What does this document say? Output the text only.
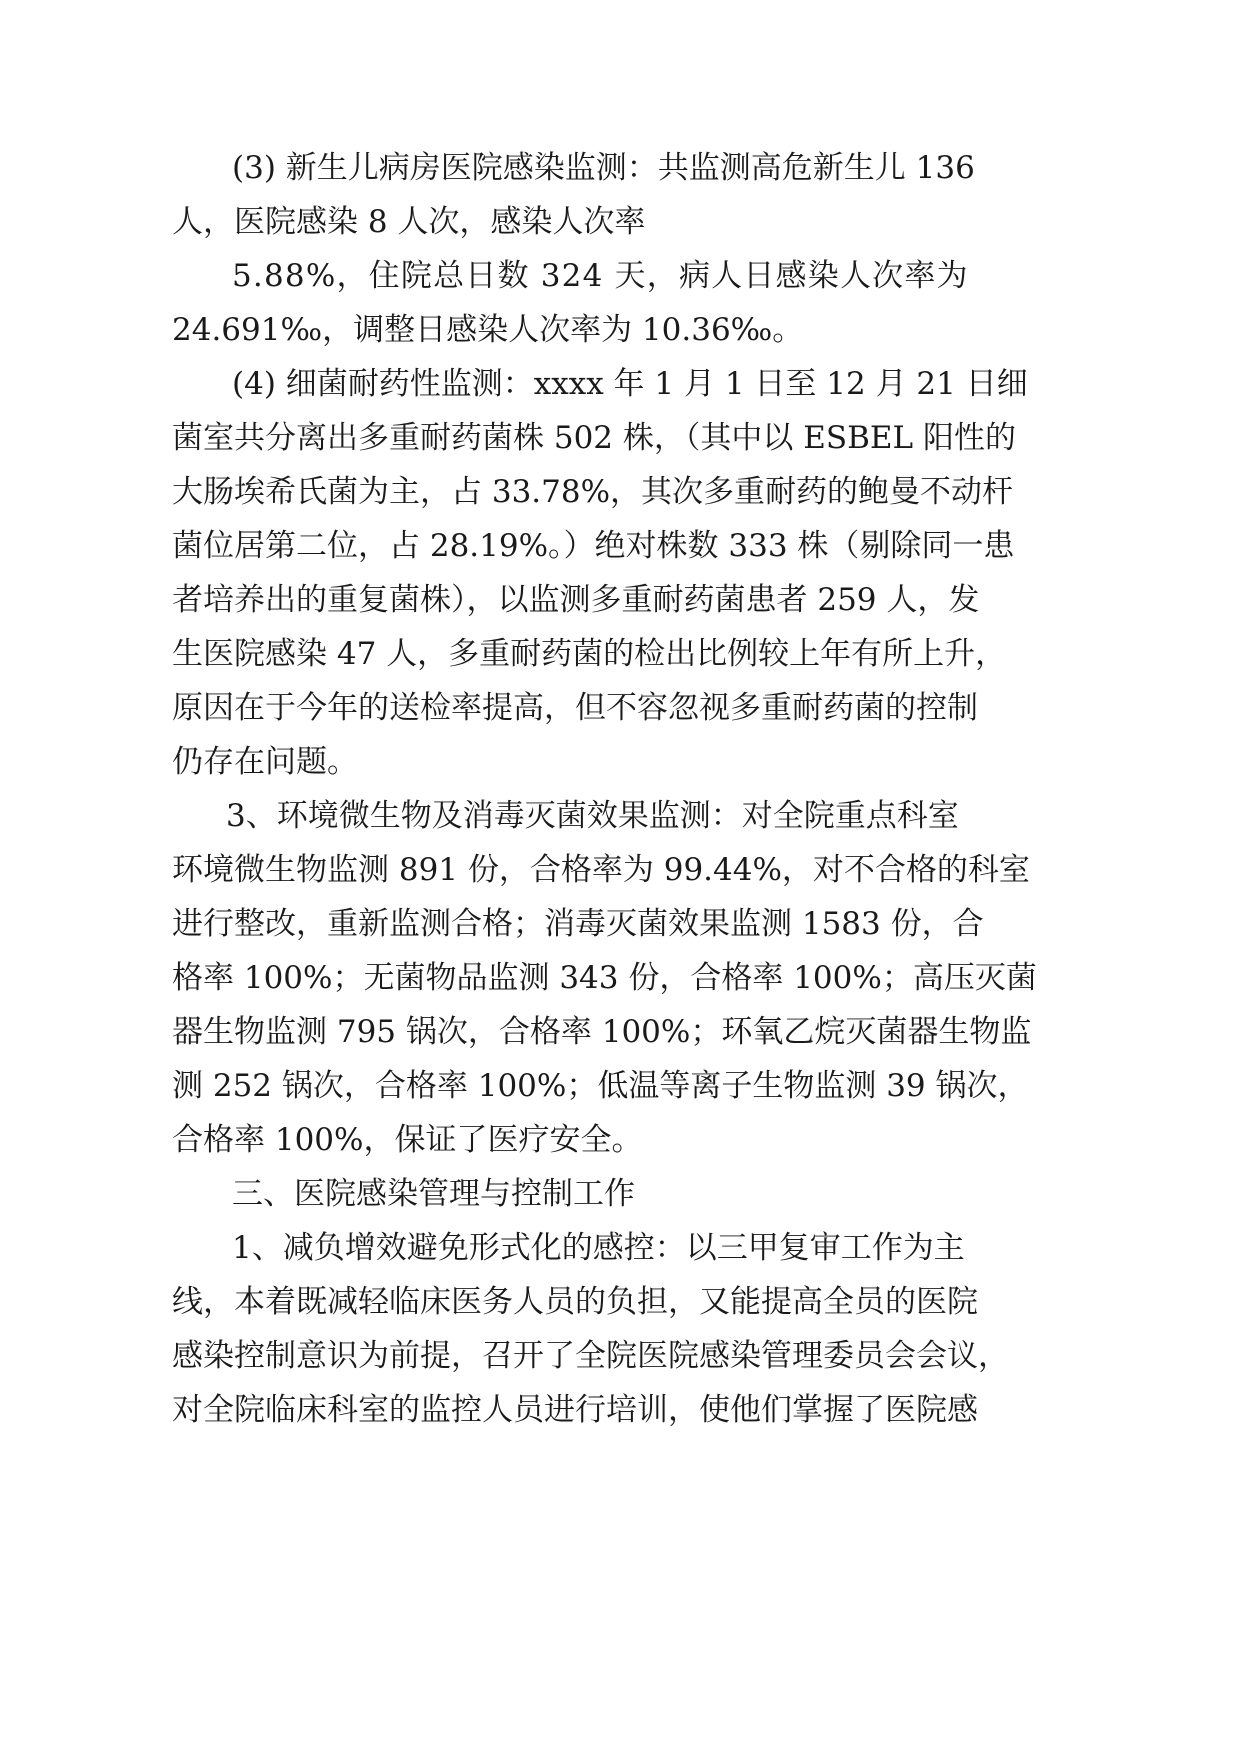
(3) 新生儿病房医院感染监测：共监测高危新生儿 136
人，医院感染 8 人次，感染人次率
5.88%，住院总日数 324 天，病人日感染人次率为
24.691‰，调整日感染人次率为 10.36‰。
(4) 细菌耐药性监测：xxxx 年 1 月 1 日至 12 月 21 日细
菌室共分离出多重耐药菌株 502 株，（其中以 ESBEL 阳性的
大肠埃希氏菌为主，占 33.78%，其次多重耐药的鲍曼不动杆
菌位居第二位，占 28.19%。）绝对株数 333 株（剔除同一患
者培养出的重复菌株），以监测多重耐药菌患者 259 人，发
生医院感染 47 人，多重耐药菌的检出比例较上年有所上升，
原因在于今年的送检率提高，但不容忽视多重耐药菌的控制
仍存在问题。
3、环境微生物及消毒灭菌效果监测：对全院重点科室
环境微生物监测 891 份，合格率为 99.44%，对不合格的科室
进行整改，重新监测合格；消毒灭菌效果监测 1583 份，合
格率 100%；无菌物品监测 343 份，合格率 100%；高压灭菌
器生物监测 795 锅次，合格率 100%；环氧乙烷灭菌器生物监
测 252 锅次，合格率 100%；低温等离子生物监测 39 锅次，
合格率 100%，保证了医疗安全。
三、医院感染管理与控制工作
1、减负增效避免形式化的感控：以三甲复审工作为主
线，本着既减轻临床医务人员的负担，又能提高全员的医院
感染控制意识为前提，召开了全院医院感染管理委员会会议，
对全院临床科室的监控人员进行培训，使他们掌握了医院感
